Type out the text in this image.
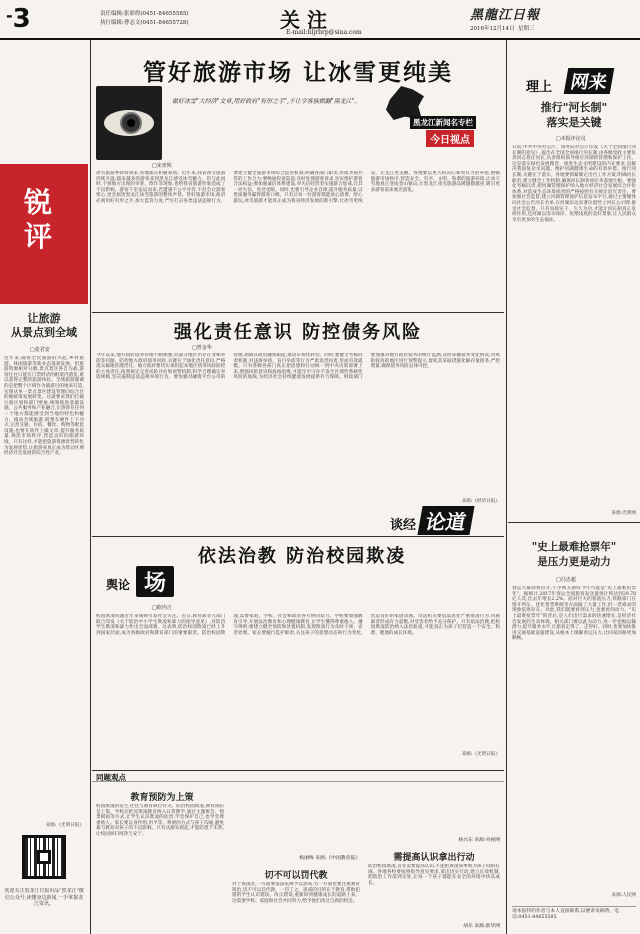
-3	责任编辑:张彩煜(0451-84655585)
执行编辑:曹志文(0451-84655728)	关 注
E-mail:hljrbrp@sina.com
黑龍江日報
2016年12月14日 星期三
锐评
让旅游
从景点到全域
□张君安
近年来,随着全民旅游的兴起,乡村旅游、休闲旅游等新业态蓬勃发展。但旅游资源相对分散,景点景区各自为战,游客往往只能在门票经济的框架内游览,难以获得完整的旅游体验。全域旅游强调的是把整个区域作为旅游目的地来打造,实现从单一景点景区建设管理向综合目的地统筹发展转变。这就要求我们打破行政区划和部门壁垒,统筹推进基础设施、公共服务和产业融合,让游客在任何一个地方都能感受到当地的特色和魅力。推动全域旅游,既要在硬件上下功夫,完善交通、住宿、餐饮、购物等配套设施;也要在软件上做文章,提升服务质量,规范市场秩序,营造良好的旅游环境。只有这样,才能把旅游资源优势转化为发展优势,让旅游业真正成为带动区域经济社会发展的综合性产业。
来源:《光明日报》
欢迎关注黑龙江日报出品"黑龙江"微信公众号,读懂身边新闻,一手掌握龙江资讯。
管好旅游市场 让冰雪更纯美
做好冰雪"大经济"文章,用好政府"有形之手",不让宰客族掀翻"黑龙江"。
黑龙江新闻名专栏
今日视点
□宋喜辉
冰雪旅游季即将到来,各地都在积极筹划。近年来,我省冰雪旅游持续升温,越来越多的游客来到黑龙江感受冰雪魅力。但与此同时,个别地方出现的宰客、欺诈等现象,也给我省旅游形象造成了不良影响。游客千里迢迢而来,若遭遇不公平对待,不但会让游客寒心,更会损害黑龙江冰雪旅游的整体声誉。管好旅游市场,政府必须用好有形之手,加大监管力度,严厉打击各类违法违规行为。要建立健全旅游市场综合监管机制,明确各部门职责,形成齐抓共管的工作合力;要畅通投诉渠道,及时处理游客诉求,切实维护游客合法权益;要加强诚信体系建设,对失信经营者实施联合惩戒,让其一处失信、处处受限。同时,也要引导企业自律,提升服务质量,以优质服务赢得游客口碑。只有让每一位游客都能放心消费、舒心游玩,冰雪旅游才能真正成为我省经济发展的新引擎,让冰雪更纯美、让龙江更美丽。各地要以更大的决心和更有力的举措,整顿旅游市场秩序,营造安全、有序、文明、和谐的旅游环境,让冰天雪地真正变成金山银山,让黑龙江冰雪旅游品牌越擦越亮,吸引更多游客前来观光游览。
强化责任意识 防控债务风险
□曾金华
今年以来,地方政府债务管理不断加强,但部分地区仍存在变相举债等问题。防控地方政府债务风险,关键在于强化责任意识,严格落实属地管理责任。地方政府要切实承担起本地区债务风险防控的主体责任,按照规定完善风险评估和预警机制,科学合理确定举债规模,坚决遏制违法违规举债行为。要加强对融资平台公司的管理,剥离其政府融资职能,推动市场化转型。同时,要健全考核问责机制,对违规举债、盲目举债等行为严肃追责问责,形成有效震慑。只有各级各部门真正把思想和行动统一到中央决策部署上来,增强风险意识和底线思维,才能牢牢守住不发生区域性系统性风险的底线,为经济社会持续健康发展提供有力保障。财政部门要加强对地方政府债务的统计监测,及时掌握债务变化情况,对风险较高的地区进行预警提示,督促其采取措施化解存量债务,严控增量,确保债务风险总体可控。
来源:《经济日报》
谈经 论道
依法治教 防治校园欺凌
舆论 场
□欧内吉
校园欺凌问题近年来频频引发社会关注。近日,教育部等九部门联合印发《关于防治中小学生欺凌和暴力的指导意见》,对防治学生欺凌和暴力作出全面部署。这表明,防治校园欺凌已经上升到国家层面,成为各级政府和教育部门的重要职责。防治校园欺凌,需要家庭、学校、社会和政府各方协同发力。学校要加强教育引导,开展法治教育和心理健康教育,让学生懂得尊重他人、遵守规则;要建立健全预防和处置机制,发现欺凌行为及时干预、妥善处理。家长要履行监护职责,关注孩子的思想动态和行为变化,营造良好的家庭氛围。司法机关要依法惩处严重欺凌行为,对施暴者形成有力震慑,对受害者给予充分保护。只有依法治教,把校园欺凌防治纳入法治轨道,才能真正为孩子们营造一个安全、和谐、健康的成长环境。
来源:《光明日报》
同题观点
教育预防为上策
校园欺凌的发生,往往与教育缺位有关。防治校园欺凌,教育预防是上策。学校应把反欺凌教育纳入日常教学,通过主题班会、情景模拟等方式,让学生认识欺凌的危害,学会保护自己,也学会尊重他人。家长要以身作则,用平等、尊重的方式与孩子沟通,避免暴力教育对孩子的不良影响。只有从源头抓起,才能防患于未然,让校园回归纯净与安宁。
杨丽梅 来源:《中国教育报》
切不可以罚代教
对于欺凌者,一方面要依法依规予以惩戒,另一方面也要注重教育矫治,切不可以罚代教、一罚了之。惩戒的目的在于教育,帮助犯错的学生认识错误、改正错误,重新回到健康成长的道路上来。这需要学校、家庭和社会共同努力,给予他们改过自新的机会。
杨兴东 来源:央视网
需提高认识拿出行动
防治校园欺凌,首先需要提高认识,不能把欺凌简单视为孩子间的打闹。各地各校要按照指导意见要求,拿出切实行动,建立长效机制,把防治工作落到实处,让每一个孩子都能在安全的环境中快乐成长。
胡乐 来源:新华网
理上 网来
推行"河长制"
落实是关键
□本报评论员
日前,中共中央办公厅、国务院办公厅印发《关于全面推行河长制的意见》,提出在全国全面推行河长制,由各级党政主要负责同志担任河长,负责组织领导相应河湖的管理和保护工作。这是落实绿色发展理念、推进生态文明建设的内在要求,是解决我国复杂水问题、维护河湖健康生命的有效举措。推行河长制,关键在于落实。各地要抓紧制定出台工作方案,明确河长职责,建立健全工作机制,确保河长制各项任务落地生根。要强化考核问责,把河湖管理保护纳入地方经济社会发展综合评价体系,对造成生态环境损害的严格按照有关规定追究责任。要加强社会监督,建立河湖管理保护信息发布平台,通过主要媒体向社会公告河长名单,在河湖岸边显著位置竖立河长公示牌,接受社会监督。只有真抓实干、久久为功,才能让河长制真正发挥作用,还河湖以清水绿岸、鱼翔浅底的美好景象,让人民群众享有更多的生态福祉。
来源:光明网
"史上最难抢票年"
是压力更是动力
□冯忠超
春运大幕即将拉开,不少网友感叹今年可能是"史上最难抢票年"。据统计,2017年春运全国旅客发送量预计将达到29.78亿人次,比去年增长2.2%。面对巨大的客流压力,铁路部门在增开列车、优化售票系统等方面做了大量工作,但一票难求的现象依然存在。对此,我们既要看到压力,也要看到动力。"史上最难抢票年"的背后,是人们出行需求的快速增长,是经济社会发展的生动体现。相关部门要以此为动力,进一步挖掘运输潜力,提升服务水平,让旅客走得了、走得好。同时,也要加快推进交通基础设施建设,从根本上缓解春运压力,让回家的路更加顺畅。
来源:人民网
请本报特约作者与本人直接联系,以便寄发稿费。电话:0451-84655585
